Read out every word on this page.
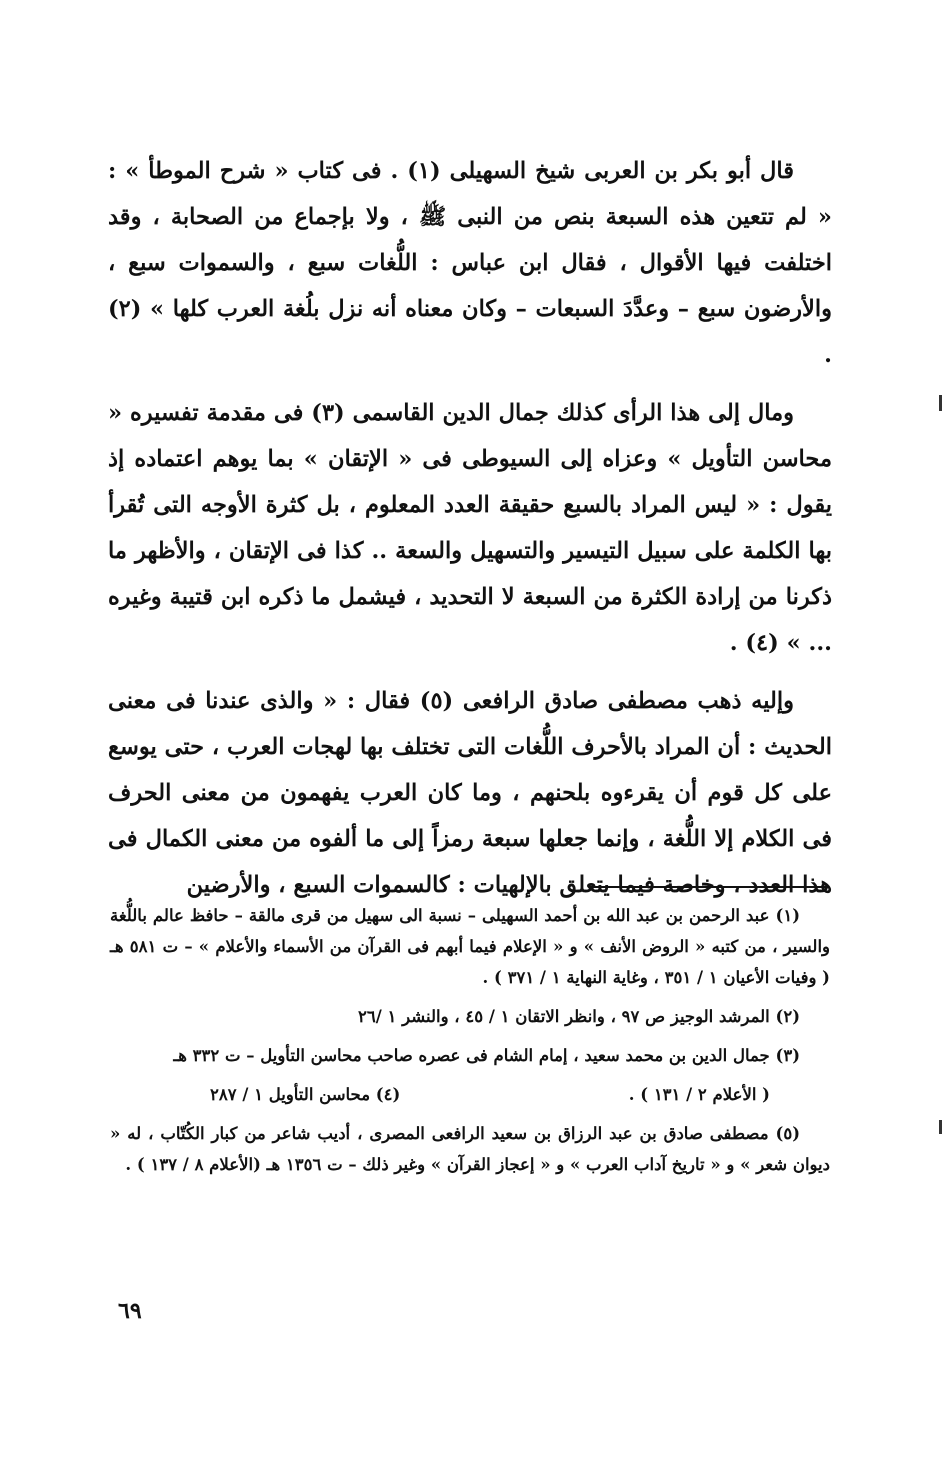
قال أبو بكر بن العربى شيخ السهيلى (١) . فى كتاب « شرح الموطأ » : « لم تتعين هذه السبعة بنص من النبى ﷺ ، ولا بإجماع من الصحابة ، وقد اختلفت فيها الأقوال ، فقال ابن عباس : اللُّغات سبع ، والسموات سبع ، والأرضون سبع – وعدَّدَ السبعات – وكان معناه أنه نزل بلُغة العرب كلها » (٢) .

ومال إلى هذا الرأى كذلك جمال الدين القاسمى (٣) فى مقدمة تفسيره « محاسن التأويل » وعزاه إلى السيوطى فى « الإتقان » بما يوهم اعتماده إذ يقول : « ليس المراد بالسبع حقيقة العدد المعلوم ، بل كثرة الأوجه التى تُقرأ بها الكلمة على سبيل التيسير والتسهيل والسعة .. كذا فى الإتقان ، والأظهر ما ذكرنا من إرادة الكثرة من السبعة لا التحديد ، فيشمل ما ذكره ابن قتيبة وغيره ... » (٤) .

وإليه ذهب مصطفى صادق الرافعى (٥) فقال : « والذى عندنا فى معنى الحديث : أن المراد بالأحرف اللُّغات التى تختلف بها لهجات العرب ، حتى يوسع على كل قوم أن يقرءوه بلحنهم ، وما كان العرب يفهمون من معنى الحرف فى الكلام إلا اللُّغة ، وإنما جعلها سبعة رمزاً إلى ما ألفوه من معنى الكمال فى هذا العدد ، وخاصة فيما يتعلق بالإلهيات : كالسموات السبع ، والأرضين

(١) عبد الرحمن بن عبد الله بن أحمد السهيلى – نسبة الى سهيل من قرى مالقة – حافظ عالم باللُّغة والسير ، من كتبه « الروض الأنف » و « الإعلام فيما أبهم فى القرآن من الأسماء والأعلام » – ت ٥٨١ هـ ( وفيات الأعيان ١ / ٣٥١ ، وغاية النهاية ١ / ٣٧١ ) .

(٢) المرشد الوجيز ص ٩٧ ، وانظر الاتقان ١ / ٤٥ ، والنشر ١ /٢٦

(٣) جمال الدين بن محمد سعيد ، إمام الشام فى عصره صاحب محاسن التأويل – ت ٣٣٢ هـ

( الأعلام ٢ / ١٣١ ) .
(٤) محاسن التأويل ١ / ٢٨٧

(٥) مصطفى صادق بن عبد الرزاق بن سعيد الرافعى المصرى ، أديب شاعر من كبار الكُتّاب ، له « ديوان شعر » و « تاريخ آداب العرب » و « إعجاز القرآن » وغير ذلك – ت ١٣٥٦ هـ (الأعلام ٨ / ١٣٧ ) .

٦٩
